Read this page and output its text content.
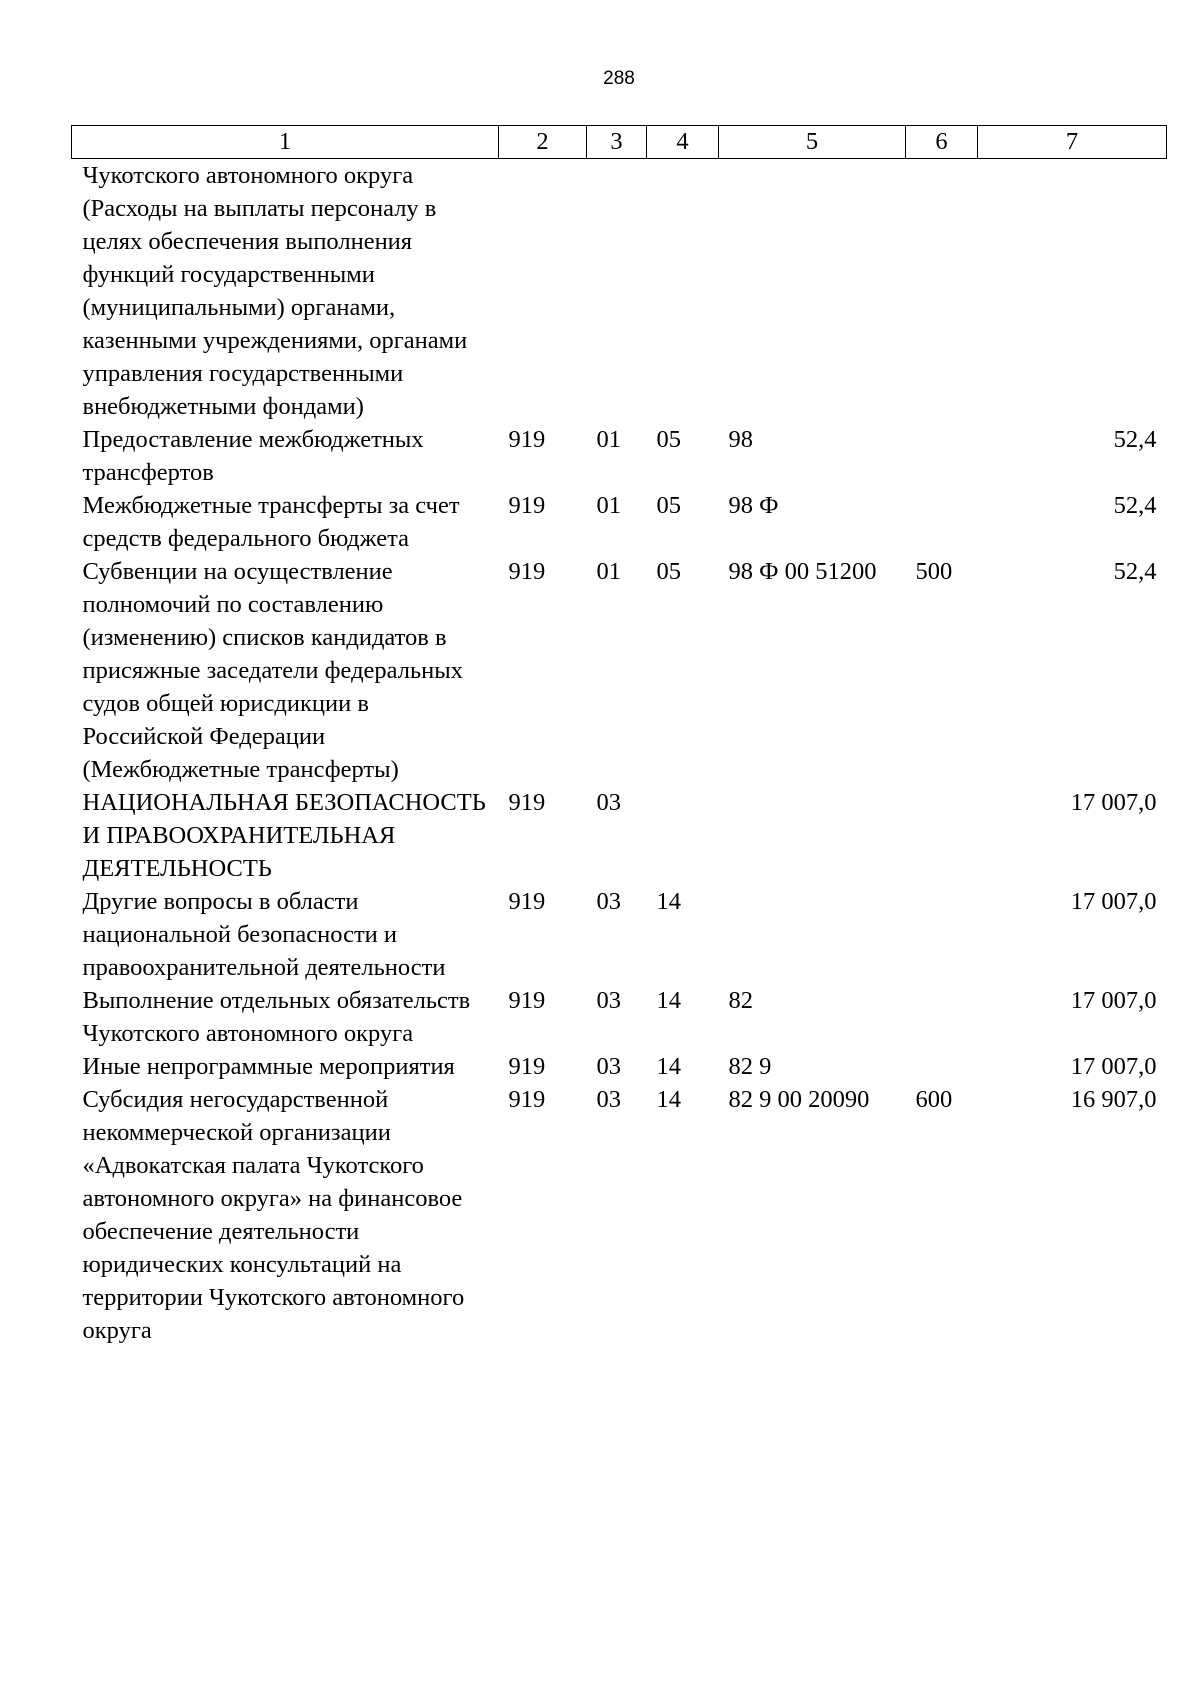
288
1	2	3	4	5	6	7
Чукотского автономного округа (Расходы на выплаты персоналу в целях обеспечения выполнения функций государственными (муниципальными) органами, казенными учреждениями, органами управления государственными внебюджетными фондами)						
Предоставление межбюджетных трансфертов	919	01	05	98		52,4
Межбюджетные трансферты за счет средств федерального бюджета	919	01	05	98 Ф		52,4
Субвенции на осуществление полномочий по составлению (изменению) списков кандидатов в присяжные заседатели федеральных судов общей юрисдикции в Российской Федерации (Межбюджетные трансферты)	919	01	05	98 Ф 00 51200	500	52,4
НАЦИОНАЛЬНАЯ БЕЗОПАСНОСТЬ И ПРАВООХРАНИТЕЛЬНАЯ ДЕЯТЕЛЬНОСТЬ	919	03				17 007,0
Другие вопросы в области национальной безопасности и правоохранительной деятельности	919	03	14			17 007,0
Выполнение отдельных обязательств Чукотского автономного округа	919	03	14	82		17 007,0
Иные непрограммные мероприятия	919	03	14	82 9		17 007,0
Субсидия негосударственной некоммерческой организации «Адвокатская палата Чукотского автономного округа» на финансовое обеспечение деятельности юридических консультаций на территории Чукотского автономного округа	919	03	14	82 9 00 20090	600	16 907,0
